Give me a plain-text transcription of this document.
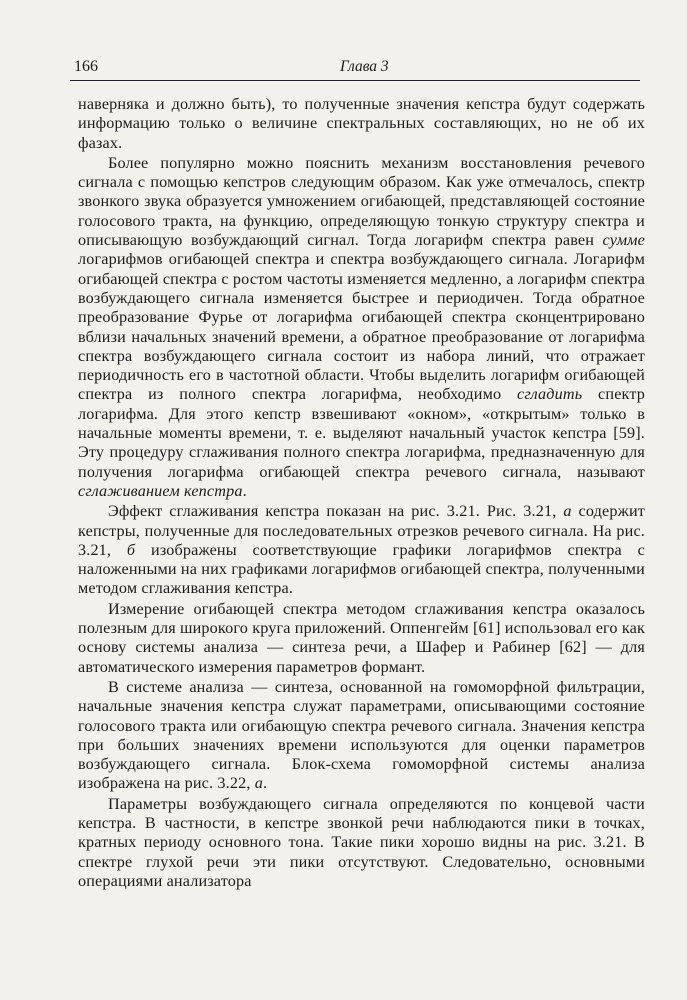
166	Глава 3

наверняка и должно быть), то полученные значения кепстра будут содержать информацию только о величине спектральных составляющих, но не об их фазах.

Более популярно можно пояснить механизм восстановления речевого сигнала с помощью кепстров следующим образом. Как уже отмечалось, спектр звонкого звука образуется умножением огибающей, представляющей состояние голосового тракта, на функцию, определяющую тонкую структуру спектра и описывающую возбуждающий сигнал. Тогда логарифм спектра равен сумме логарифмов огибающей спектра и спектра возбуждающего сигнала. Логарифм огибающей спектра с ростом частоты изменяется медленно, а логарифм спектра возбуждающего сигнала изменяется быстрее и периодичен. Тогда обратное преобразование Фурье от логарифма огибающей спектра сконцентрировано вблизи начальных значений времени, а обратное преобразование от логарифма спектра возбуждающего сигнала состоит из набора линий, что отражает периодичность его в частотной области. Чтобы выделить логарифм огибающей спектра из полного спектра логарифма, необходимо сгладить спектр логарифма. Для этого кепстр взвешивают «окном», «открытым» только в начальные моменты времени, т. е. выделяют начальный участок кепстра [59]. Эту процедуру сглаживания полного спектра логарифма, предназначенную для получения логарифма огибающей спектра речевого сигнала, называют сглаживанием кепстра.

Эффект сглаживания кепстра показан на рис. 3.21. Рис. 3.21, а содержит кепстры, полученные для последовательных отрезков речевого сигнала. На рис. 3.21, б изображены соответствующие графики логарифмов спектра с наложенными на них графиками логарифмов огибающей спектра, полученными методом сглаживания кепстра.

Измерение огибающей спектра методом сглаживания кепстра оказалось полезным для широкого круга приложений. Оппенгейм [61] использовал его как основу системы анализа — синтеза речи, а Шафер и Рабинер [62] — для автоматического измерения параметров формант.

В системе анализа — синтеза, основанной на гомоморфной фильтрации, начальные значения кепстра служат параметрами, описывающими состояние голосового тракта или огибающую спектра речевого сигнала. Значения кепстра при больших значениях времени используются для оценки параметров возбуждающего сигнала. Блок-схема гомоморфной системы анализа изображена на рис. 3.22, а.

Параметры возбуждающего сигнала определяются по концевой части кепстра. В частности, в кепстре звонкой речи наблюдаются пики в точках, кратных периоду основного тона. Такие пики хорошо видны на рис. 3.21. В спектре глухой речи эти пики отсутствуют. Следовательно, основными операциями анализатора
